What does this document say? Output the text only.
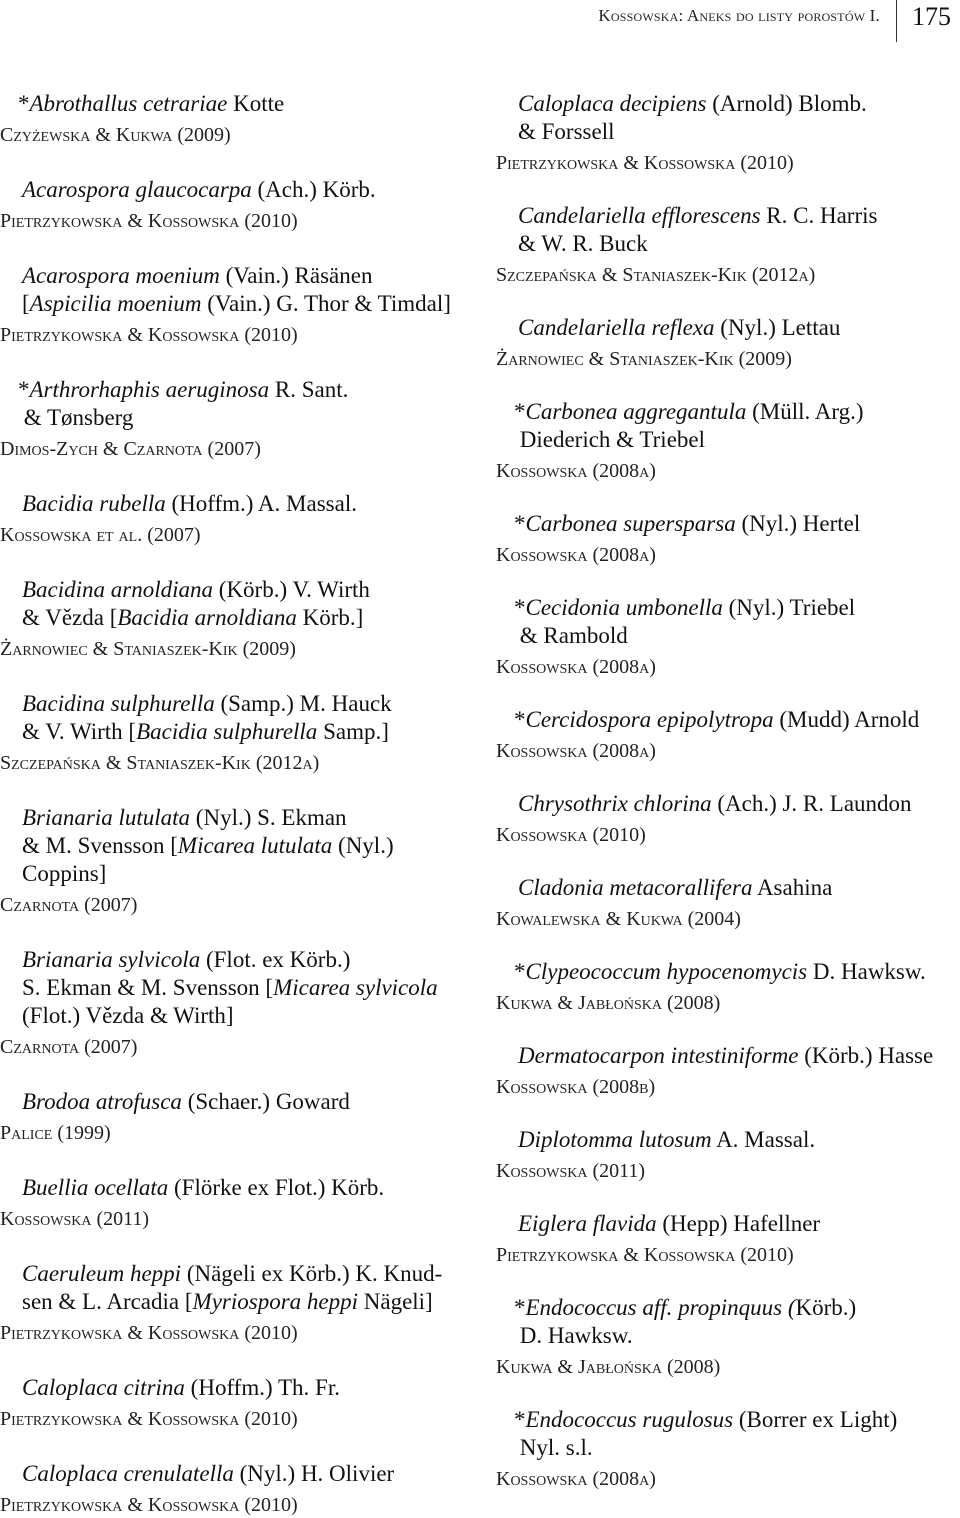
Kossowska: Aneks do listy porostów I. 175

*Abrothallus cetrariae Kotte

Czyżewska & Kukwa (2009)

Acarospora glaucocarpa (Ach.) Körb.

Pietrzykowska & Kossowska (2010)

Acarospora moenium (Vain.) Räsänen
[Aspicilia moenium (Vain.) G. Thor & Timdal]

Pietrzykowska & Kossowska (2010)

*Arthrorhaphis aeruginosa R. Sant.
& Tønsberg

Dimos-Zych & Czarnota (2007)

Bacidia rubella (Hoffm.) A. Massal.

Kossowska et al. (2007)

Bacidina arnoldiana (Körb.) V. Wirth
& Vězda [Bacidia arnoldiana Körb.]

Żarnowiec & Staniaszek-Kik (2009)

Bacidina sulphurella (Samp.) M. Hauck
& V. Wirth [Bacidia sulphurella Samp.]

Szczepańska & Staniaszek-Kik (2012a)

Brianaria lutulata (Nyl.) S. Ekman
& M. Svensson [Micarea lutulata (Nyl.)
Coppins]

Czarnota (2007)

Brianaria sylvicola (Flot. ex Körb.)
S. Ekman & M. Svensson [Micarea sylvicola
(Flot.) Vězda & Wirth]

Czarnota (2007)

Brodoa atrofusca (Schaer.) Goward

Palice (1999)

Buellia ocellata (Flörke ex Flot.) Körb.

Kossowska (2011)

Caeruleum heppi (Nägeli ex Körb.) K. Knud-
sen & L. Arcadia [Myriospora heppi Nägeli]

Pietrzykowska & Kossowska (2010)

Caloplaca citrina (Hoffm.) Th. Fr.

Pietrzykowska & Kossowska (2010)

Caloplaca crenulatella (Nyl.) H. Olivier

Pietrzykowska & Kossowska (2010)

Caloplaca decipiens (Arnold) Blomb.
& Forssell

Pietrzykowska & Kossowska (2010)

Candelariella efflorescens R. C. Harris
& W. R. Buck

Szczepańska & Staniaszek-Kik (2012a)

Candelariella reflexa (Nyl.) Lettau

Żarnowiec & Staniaszek-Kik (2009)

*Carbonea aggregantula (Müll. Arg.)
Diederich & Triebel

Kossowska (2008a)

*Carbonea supersparsa (Nyl.) Hertel

Kossowska (2008a)

*Cecidonia umbonella (Nyl.) Triebel
& Rambold

Kossowska (2008a)

*Cercidospora epipolytropa (Mudd) Arnold

Kossowska (2008a)

Chrysothrix chlorina (Ach.) J. R. Laundon

Kossowska (2010)

Cladonia metacorallifera Asahina

Kowalewska & Kukwa (2004)

*Clypeococcum hypocenomycis D. Hawksw.

Kukwa & Jabłońska (2008)

Dermatocarpon intestiniforme (Körb.) Hasse

Kossowska (2008b)

Diplotomma lutosum A. Massal.

Kossowska (2011)

Eiglera flavida (Hepp) Hafellner

Pietrzykowska & Kossowska (2010)

*Endococcus aff. propinquus (Körb.)
D. Hawksw.

Kukwa & Jabłońska (2008)

*Endococcus rugulosus (Borrer ex Light)
Nyl. s.l.

Kossowska (2008a)
